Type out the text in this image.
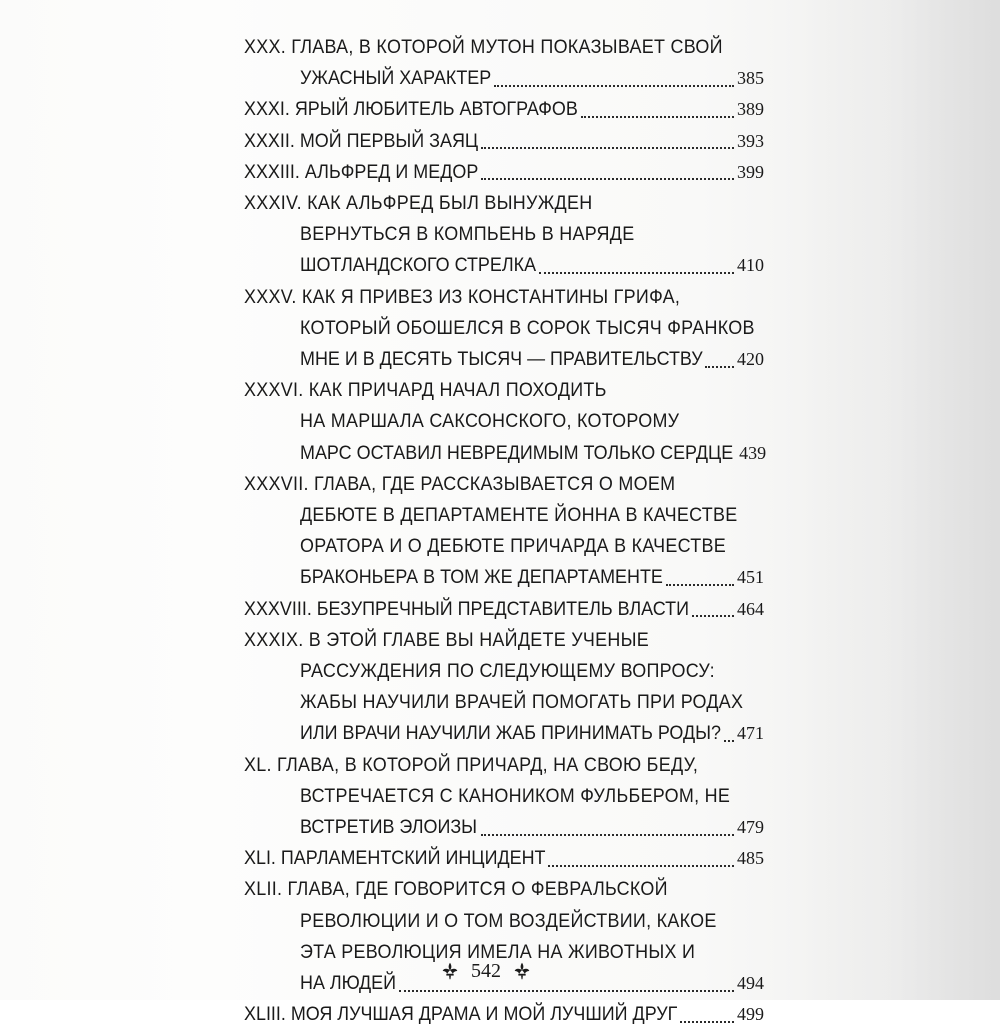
XXX. ГЛАВА, В КОТОРОЙ МУТОН ПОКАЗЫВАЕТ СВОЙ
УЖАСНЫЙ ХАРАКТЕР	385
XXXI. ЯРЫЙ ЛЮБИТЕЛЬ АВТОГРАФОВ	389
XXXII. МОЙ ПЕРВЫЙ ЗАЯЦ	393
XXXIII. АЛЬФРЕД И МЕДОР	399
XXXIV. КАК АЛЬФРЕД БЫЛ ВЫНУЖДЕН
ВЕРНУТЬСЯ В КОМПЬЕНЬ В НАРЯДЕ
ШОТЛАНДСКОГО СТРЕЛКА	410
XXXV. КАК Я ПРИВЕЗ ИЗ КОНСТАНТИНЫ ГРИФА,
КОТОРЫЙ ОБОШЕЛСЯ В СОРОК ТЫСЯЧ ФРАНКОВ
МНЕ И В ДЕСЯТЬ ТЫСЯЧ — ПРАВИТЕЛЬСТВУ 420
XXXVI. КАК ПРИЧАРД НАЧАЛ ПОХОДИТЬ
НА МАРШАЛА САКСОНСКОГО, КОТОРОМУ
МАРС ОСТАВИЛ НЕВРЕДИМЫМ ТОЛЬКО СЕРДЦЕ 439
XXXVII. ГЛАВА, ГДЕ РАССКАЗЫВАЕТСЯ О МОЕМ
ДЕБЮТЕ В ДЕПАРТАМЕНТЕ ЙОННА В КАЧЕСТВЕ
ОРАТОРА И О ДЕБЮТЕ ПРИЧАРДА В КАЧЕСТВЕ
БРАКОНЬЕРА В ТОМ ЖЕ ДЕПАРТАМЕНТЕ	451
XXXVIII. БЕЗУПРЕЧНЫЙ ПРЕДСТАВИТЕЛЬ ВЛАСТИ	464
XXXIX. В ЭТОЙ ГЛАВЕ ВЫ НАЙДЕТЕ УЧЕНЫЕ
РАССУЖДЕНИЯ ПО СЛЕДУЮЩЕМУ ВОПРОСУ:
ЖАБЫ НАУЧИЛИ ВРАЧЕЙ ПОМОГАТЬ ПРИ РОДАХ
ИЛИ ВРАЧИ НАУЧИЛИ ЖАБ ПРИНИМАТЬ РОДЫ? 471
XL. ГЛАВА, В КОТОРОЙ ПРИЧАРД, НА СВОЮ БЕДУ,
ВСТРЕЧАЕТСЯ С КАНОНИКОМ ФУЛЬБЕРОМ, НЕ
ВСТРЕТИВ ЭЛОИЗЫ	479
XLI. ПАРЛАМЕНТСКИЙ ИНЦИДЕНТ	485
XLII. ГЛАВА, ГДЕ ГОВОРИТСЯ О ФЕВРАЛЬСКОЙ
РЕВОЛЮЦИИ И О ТОМ ВОЗДЕЙСТВИИ, КАКОЕ
ЭТА РЕВОЛЮЦИЯ ИМЕЛА НА ЖИВОТНЫХ И
НА ЛЮДЕЙ	494
XLIII. МОЯ ЛУЧШАЯ ДРАМА И МОЙ ЛУЧШИЙ ДРУГ	499
542
